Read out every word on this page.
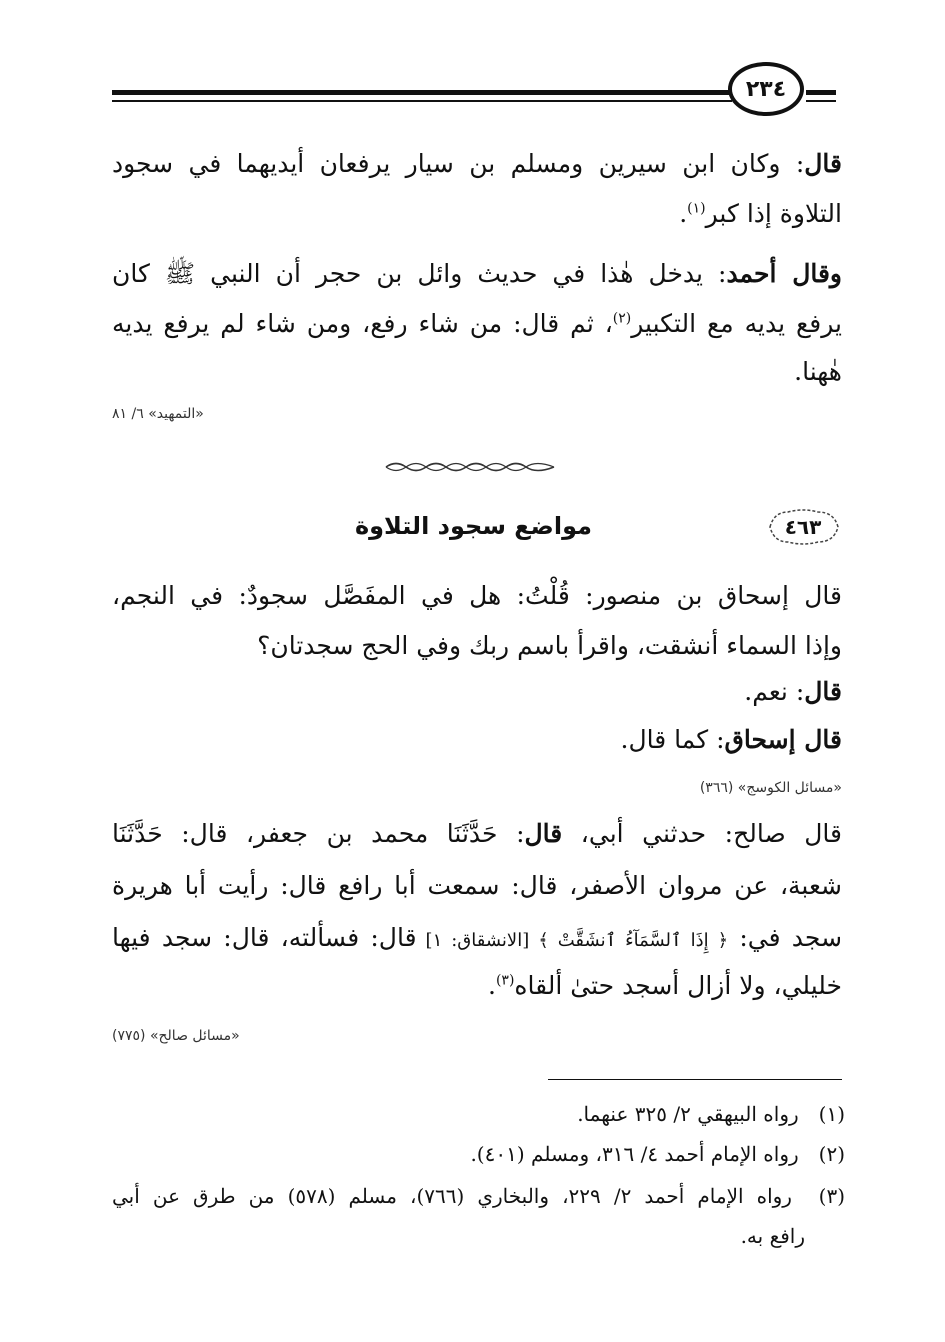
٢٣٤
قال: وكان ابن سيرين ومسلم بن سيار يرفعان أيديهما في سجود
التلاوة إذا كبر$^{(١)}$.
وقال أحمد: يدخل هٰذا في حديث وائل بن حجر أن النبي ﷺ كان
يرفع يديه مع التكبير$^{(٢)}$، ثم قال: من شاء رفع، ومن شاء لم يرفع يديه
هٰهنا.
«التمهيد» ٦/ ٨١
٤٦٣
مواضع سجود التلاوة
قال إسحاق بن منصور: قُلْتُ: هل في المفَصَّل سجودٌ: في النجم،
وإذا السماء أنشقت، واقرأ باسم ربك وفي الحج سجدتان؟
قال: نعم.
قال إسحاق: كما قال.
«مسائل الكوسج» (٣٦٦)
قال صالح: حدثني أبي، قال: حَدَّثَنَا محمد بن جعفر، قال: حَدَّثَنَا
شعبة، عن مروان الأصفر، قال: سمعت أبا رافع قال: رأيت أبا هريرة
سجد في: ﴿ إِذَا ٱلسَّمَآءُ ٱنشَقَّتْ ﴾ [الانشقاق: ١] قال: فسألته، قال: سجد فيها
خليلي، ولا أزال أسجد حتىٰ ألقاه$^{(٣)}$.
«مسائل صالح» (٧٧٥)
(١) رواه البيهقي ٢/ ٣٢٥ عنهما.
(٢) رواه الإمام أحمد ٤/ ٣١٦، ومسلم (٤٠١).
(٣) رواه الإمام أحمد ٢/ ٢٢٩، والبخاري (٧٦٦)، مسلم (٥٧٨) من طرق عن أبي
رافع به.
